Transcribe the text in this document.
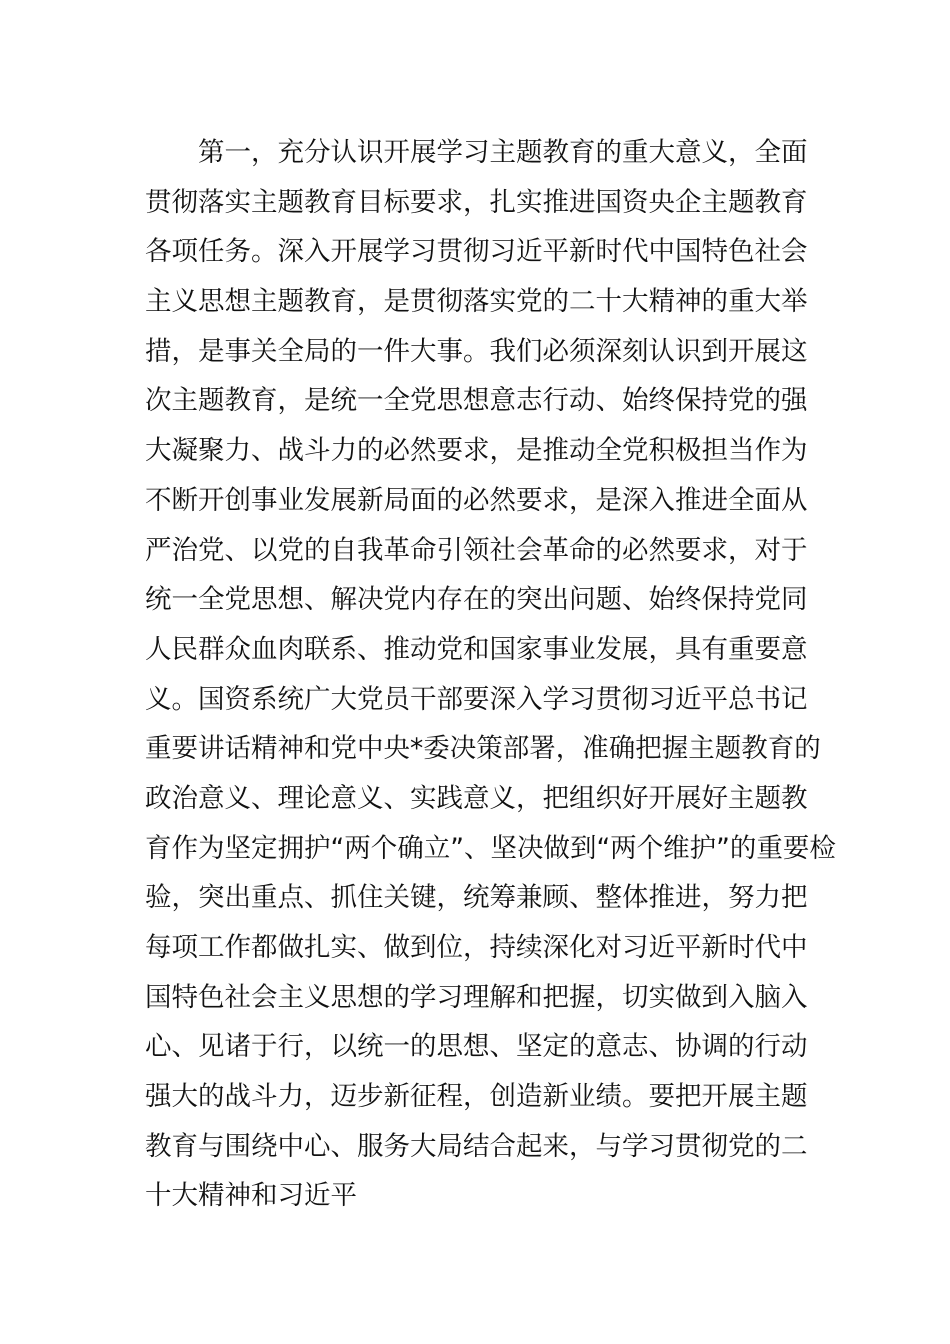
第一，充分认识开展学习主题教育的重大意义，全面
贯彻落实主题教育目标要求，扎实推进国资央企主题教育
各项任务。深入开展学习贯彻习近平新时代中国特色社会
主义思想主题教育，是贯彻落实党的二十大精神的重大举
措，是事关全局的一件大事。我们必须深刻认识到开展这
次主题教育，是统一全党思想意志行动、始终保持党的强
大凝聚力、战斗力的必然要求，是推动全党积极担当作为
不断开创事业发展新局面的必然要求，是深入推进全面从
严治党、以党的自我革命引领社会革命的必然要求，对于
统一全党思想、解决党内存在的突出问题、始终保持党同
人民群众血肉联系、推动党和国家事业发展，具有重要意
义。国资系统广大党员干部要深入学习贯彻习近平总书记
重要讲话精神和党中央*委决策部署，准确把握主题教育的
政治意义、理论意义、实践意义，把组织好开展好主题教
育作为坚定拥护“两个确立”、坚决做到“两个维护”的重要检
验，突出重点、抓住关键，统筹兼顾、整体推进，努力把
每项工作都做扎实、做到位，持续深化对习近平新时代中
国特色社会主义思想的学习理解和把握，切实做到入脑入
心、见诸于行，以统一的思想、坚定的意志、协调的行动
强大的战斗力，迈步新征程，创造新业绩。要把开展主题
教育与围绕中心、服务大局结合起来，与学习贯彻党的二
十大精神和习近平
